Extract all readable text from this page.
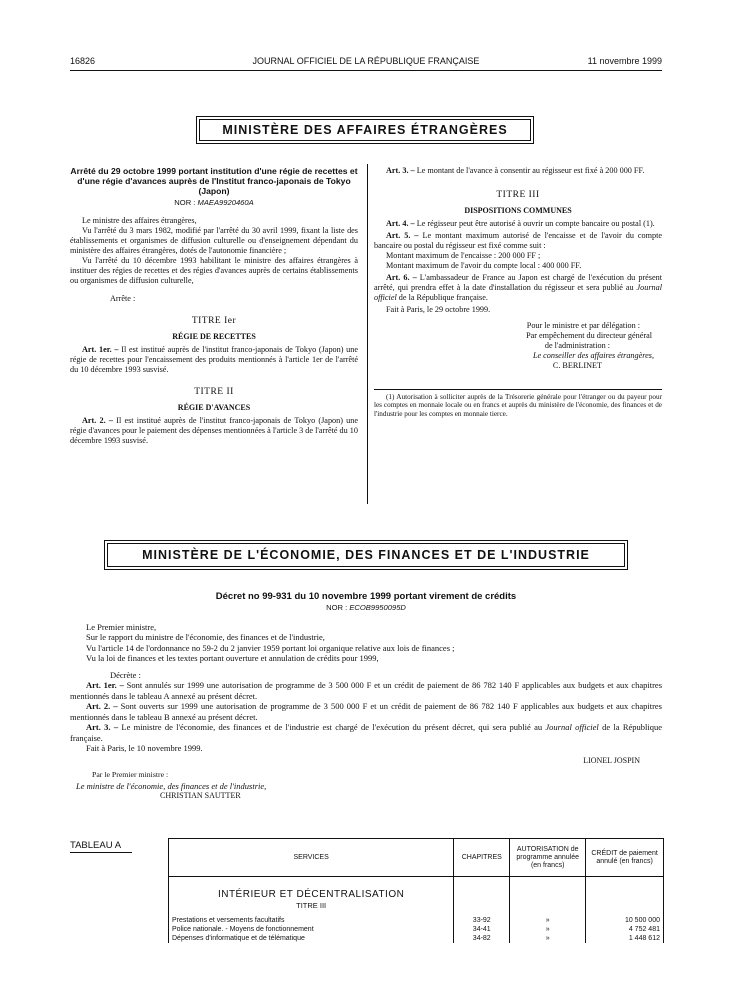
16826	JOURNAL OFFICIEL DE LA RÉPUBLIQUE FRANÇAISE	11 novembre 1999
MINISTÈRE DES AFFAIRES ÉTRANGÈRES

Arrêté du 29 octobre 1999 portant institution d'une régie de recettes et d'une régie d'avances auprès de l'Institut franco-japonais de Tokyo (Japon)

NOR : MAEA9920460A

Le ministre des affaires étrangères,

Vu l'arrêté du 3 mars 1982, modifié par l'arrêté du 30 avril 1999, fixant la liste des établissements et organismes de diffusion culturelle ou d'enseignement dépendant du ministère des affaires étrangères, dotés de l'autonomie financière ;

Vu l'arrêté du 10 décembre 1993 habilitant le ministre des affaires étrangères à instituer des régies de recettes et des régies d'avances auprès de certains établissements ou organismes de diffusion culturelle,

Arrête :

TITRE Ier

RÉGIE DE RECETTES

Art. 1er. – Il est institué auprès de l'institut franco-japonais de Tokyo (Japon) une régie de recettes pour l'encaissement des produits mentionnés à l'article 1er de l'arrêté du 10 décembre 1993 susvisé.

TITRE II

RÉGIE D'AVANCES

Art. 2. – Il est institué auprès de l'institut franco-japonais de Tokyo (Japon) une régie d'avances pour le paiement des dépenses mentionnées à l'article 3 de l'arrêté du 10 décembre 1993 susvisé.

Art. 3. – Le montant de l'avance à consentir au régisseur est fixé à 200 000 FF.

TITRE III

DISPOSITIONS COMMUNES

Art. 4. – Le régisseur peut être autorisé à ouvrir un compte bancaire ou postal (1).

Art. 5. – Le montant maximum autorisé de l'encaisse et de l'avoir du compte bancaire ou postal du régisseur est fixé comme suit :

Montant maximum de l'encaisse : 200 000 FF ;

Montant maximum de l'avoir du compte local : 400 000 FF.

Art. 6. – L'ambassadeur de France au Japon est chargé de l'exécution du présent arrêté, qui prendra effet à la date d'installation du régisseur et sera publié au Journal officiel de la République française.

Fait à Paris, le 29 octobre 1999.

Pour le ministre et par délégation :

Par empêchement du directeur général

de l'administration :

Le conseiller des affaires étrangères,

C. BERLINET

(1) Autorisation à solliciter auprès de la Trésorerie générale pour l'étranger ou du payeur pour les comptes en monnaie locale ou en francs et auprès du ministère de l'économie, des finances et de l'industrie pour les comptes en monnaie tierce.

MINISTÈRE DE L'ÉCONOMIE, DES FINANCES ET DE L'INDUSTRIE

Décret no 99-931 du 10 novembre 1999 portant virement de crédits

NOR : ECOB9950095D

Le Premier ministre,

Sur le rapport du ministre de l'économie, des finances et de l'industrie,

Vu l'article 14 de l'ordonnance no 59-2 du 2 janvier 1959 portant loi organique relative aux lois de finances ;

Vu la loi de finances et les textes portant ouverture et annulation de crédits pour 1999,

Décrète :

Art. 1er. – Sont annulés sur 1999 une autorisation de programme de 3 500 000 F et un crédit de paiement de 86 782 140 F applicables aux budgets et aux chapitres mentionnés dans le tableau A annexé au présent décret.

Art. 2. – Sont ouverts sur 1999 une autorisation de programme de 3 500 000 F et un crédit de paiement de 86 782 140 F applicables aux budgets et aux chapitres mentionnés dans le tableau B annexé au présent décret.

Art. 3. – Le ministre de l'économie, des finances et de l'industrie est chargé de l'exécution du présent décret, qui sera publié au Journal officiel de la République française.

Fait à Paris, le 10 novembre 1999.

LIONEL JOSPIN

Par le Premier ministre :

Le ministre de l'économie, des finances et de l'industrie,

CHRISTIAN SAUTTER

TABLEAU A
SERVICES	CHAPITRES	AUTORISATION de programme annulée (en francs)	CRÉDIT de paiement annulé (en francs)
INTÉRIEUR ET DÉCENTRALISATION			
TITRE III			
Prestations et versements facultatifs	33-92	»	10 500 000
Police nationale. - Moyens de fonctionnement	34-41	»	4 752 481
Dépenses d'informatique et de télématique	34-82	»	1 448 612
